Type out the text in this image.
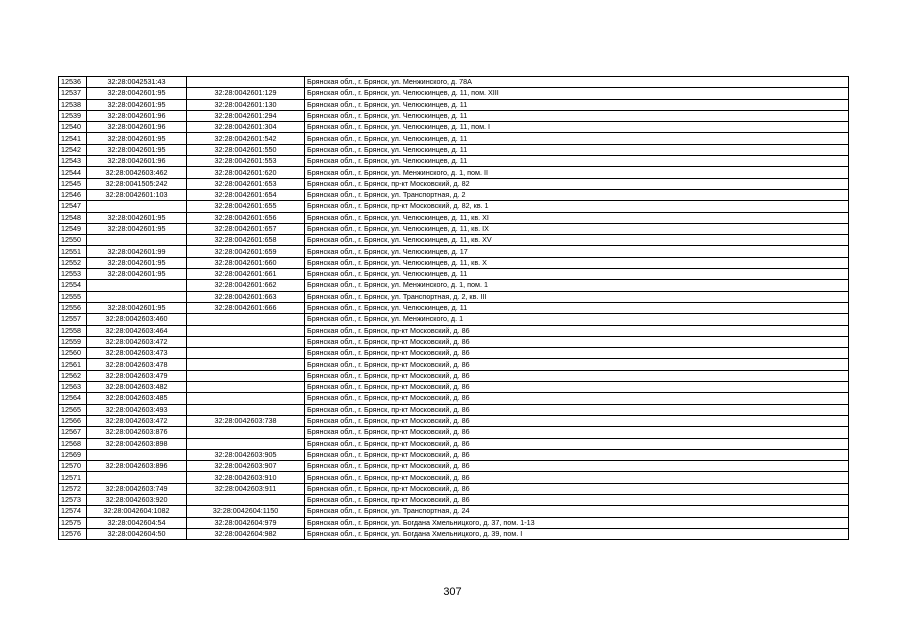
12536	32:28:0042531:43		Брянская обл., г. Брянск, ул. Менжинского, д. 78А
12537	32:28:0042601:95	32:28:0042601:129	Брянская обл., г. Брянск, ул. Челюскинцев, д. 11, пом. XIII
12538	32:28:0042601:95	32:28:0042601:130	Брянская обл., г. Брянск, ул. Челюскинцев, д. 11
12539	32:28:0042601:96	32:28:0042601:294	Брянская обл., г. Брянск, ул. Челюскинцев, д. 11
12540	32:28:0042601:96	32:28:0042601:304	Брянская обл., г. Брянск, ул. Челюскинцев, д. 11, пом. I
12541	32:28:0042601:95	32:28:0042601:542	Брянская обл., г. Брянск, ул. Челюскинцев, д. 11
12542	32:28:0042601:95	32:28:0042601:550	Брянская обл., г. Брянск, ул. Челюскинцев, д. 11
12543	32:28:0042601:96	32:28:0042601:553	Брянская обл., г. Брянск, ул. Челюскинцев, д. 11
12544	32:28:0042603:462	32:28:0042601:620	Брянская обл., г. Брянск, ул. Менжинского, д. 1, пом. II
12545	32:28:0041505:242	32:28:0042601:653	Брянская обл., г. Брянск, пр-кт Московский, д. 82
12546	32:28:0042601:103	32:28:0042601:654	Брянская обл., г. Брянск, ул. Транспортная, д. 2
12547		32:28:0042601:655	Брянская обл., г. Брянск, пр-кт Московский, д. 82, кв. 1
12548	32:28:0042601:95	32:28:0042601:656	Брянская обл., г. Брянск, ул. Челюскинцев, д. 11, кв. XI
12549	32:28:0042601:95	32:28:0042601:657	Брянская обл., г. Брянск, ул. Челюскинцев, д. 11, кв. IX
12550		32:28:0042601:658	Брянская обл., г. Брянск, ул. Челюскинцев, д. 11, кв. XV
12551	32:28:0042601:99	32:28:0042601:659	Брянская обл., г. Брянск, ул. Челюскинцев, д. 17
12552	32:28:0042601:95	32:28:0042601:660	Брянская обл., г. Брянск, ул. Челюскинцев, д. 11, кв. X
12553	32:28:0042601:95	32:28:0042601:661	Брянская обл., г. Брянск, ул. Челюскинцев, д. 11
12554		32:28:0042601:662	Брянская обл., г. Брянск, ул. Менжинского, д. 1, пом. 1
12555		32:28:0042601:663	Брянская обл., г. Брянск, ул. Транспортная, д. 2, кв. III
12556	32:28:0042601:95	32:28:0042601:666	Брянская обл., г. Брянск, ул. Челюскинцев, д. 11
12557	32:28:0042603:460		Брянская обл., г. Брянск, ул. Менжинского, д. 1
12558	32:28:0042603:464		Брянская обл., г. Брянск, пр-кт Московский, д. 86
12559	32:28:0042603:472		Брянская обл., г. Брянск, пр-кт Московский, д. 86
12560	32:28:0042603:473		Брянская обл., г. Брянск, пр-кт Московский, д. 86
12561	32:28:0042603:478		Брянская обл., г. Брянск, пр-кт Московский, д. 86
12562	32:28:0042603:479		Брянская обл., г. Брянск, пр-кт Московский, д. 86
12563	32:28:0042603:482		Брянская обл., г. Брянск, пр-кт Московский, д. 86
12564	32:28:0042603:485		Брянская обл., г. Брянск, пр-кт Московский, д. 86
12565	32:28:0042603:493		Брянская обл., г. Брянск, пр-кт Московский, д. 86
12566	32:28:0042603:472	32:28:0042603:738	Брянская обл., г. Брянск, пр-кт Московский, д. 86
12567	32:28:0042603:876		Брянская обл., г. Брянск, пр-кт Московский, д. 86
12568	32:28:0042603:898		Брянская обл., г. Брянск, пр-кт Московский, д. 86
12569		32:28:0042603:905	Брянская обл., г. Брянск, пр-кт Московский, д. 86
12570	32:28:0042603:896	32:28:0042603:907	Брянская обл., г. Брянск, пр-кт Московский, д. 86
12571		32:28:0042603:910	Брянская обл., г. Брянск, пр-кт Московский, д. 86
12572	32:28:0042603:749	32:28:0042603:911	Брянская обл., г. Брянск, пр-кт Московский, д. 86
12573	32:28:0042603:920		Брянская обл., г. Брянск, пр-кт Московский, д. 86
12574	32:28:0042604:1082	32:28:0042604:1150	Брянская обл., г. Брянск, ул. Транспортная, д. 24
12575	32:28:0042604:54	32:28:0042604:979	Брянская обл., г. Брянск, ул. Богдана Хмельницкого, д. 37, пом. 1-13
12576	32:28:0042604:50	32:28:0042604:982	Брянская обл., г. Брянск, ул. Богдана Хмельницкого, д. 39, пом. I
307
